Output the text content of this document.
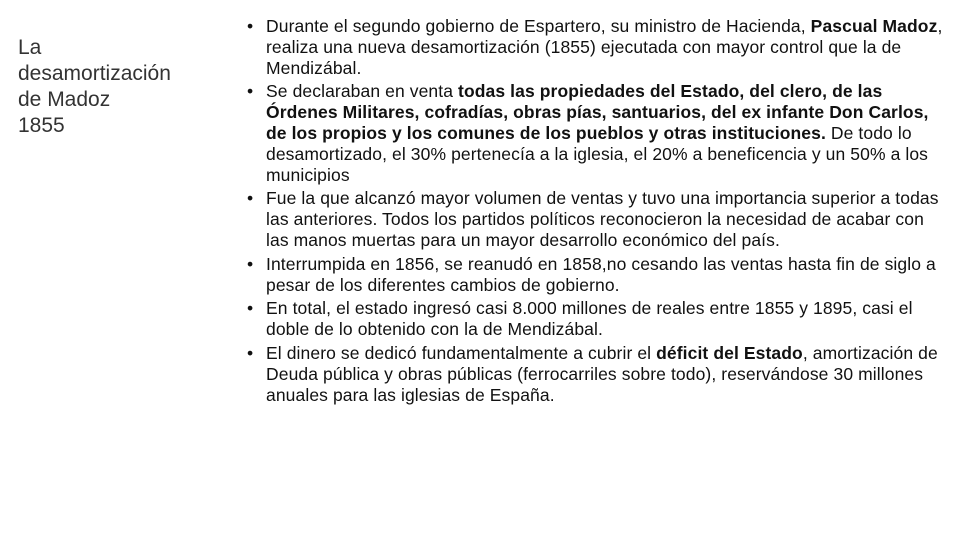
La
desamortización
de Madoz
1855
• Durante el segundo gobierno de Espartero, su ministro de Hacienda, Pascual Madoz, realiza una nueva desamortización (1855) ejecutada con mayor control que la de Mendizábal.
• Se declaraban en venta todas las propiedades del Estado, del clero, de las Órdenes Militares, cofradías, obras pías, santuarios, del ex infante Don Carlos, de los propios y los comunes de los pueblos y otras instituciones. De todo lo desamortizado, el 30% pertenecía a la iglesia, el 20% a beneficencia y un 50% a los municipios
• Fue la que alcanzó mayor volumen de ventas y tuvo una importancia superior a todas las anteriores. Todos los partidos políticos reconocieron la necesidad de acabar con las manos muertas para un mayor desarrollo económico del país.
• Interrumpida en 1856, se reanudó en 1858,no cesando las ventas hasta fin de siglo a pesar de los diferentes cambios de gobierno.
• En total, el estado ingresó casi 8.000 millones de reales entre 1855 y 1895, casi el doble de lo obtenido con la de Mendizábal.
• El dinero se dedicó fundamentalmente a cubrir el déficit del Estado, amortización de Deuda pública y obras públicas (ferrocarriles sobre todo), reservándose 30 millones anuales para las iglesias de España.
